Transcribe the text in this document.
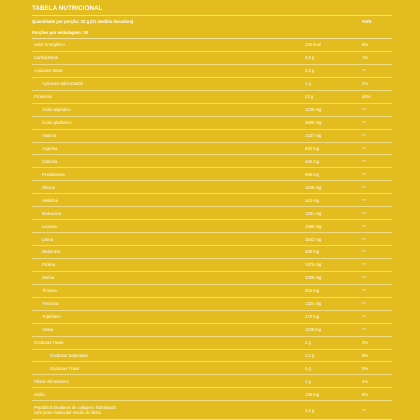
TABELA NUTRICIONAL
Quantidade por porção: 33 g (01 medida dosadora)	%VD
Porções por embalagem: 28
Valor Energético	125 kcal	6%
Carboidratos	3,5 g	1%
Açúcares totais	2,5 g	**
Açúcares adicionados	1 g	2%
Proteínas	23 g	46%
Ácido aspártico	2230 mg	**
Ácido glutâmico	3680 mg	**
Alanina	1437 mg	**
Arginina	640 mg	**
Cisteína	440 mg	**
Fenilalanina	859 mg	**
Glicina	1846 mg	**
Histidina	343 mg	**
Isoleucina	1281 mg	**
Leucina	1990 mg	**
Lisina	1843 mg	**
Metionina	448 mg	**
Prolina	1875 mg	**
Serina	1005 mg	**
Tirosina	553 mg	**
Treonina	1324 mg	**
Triptofano	278 mg	**
Valina	1108 mg	**
Gorduras Totais	2 g	3%
Gorduras Saturadas	1,2 g	6%
Gorduras Trans	0 g	0%
Fibras Alimentares	1 g	4%
Sódio	126 mg	6%
Peptídeos bioativos de colágeno hidrolisado
com peso molecular médio de 2kDa	2,5 g	**
